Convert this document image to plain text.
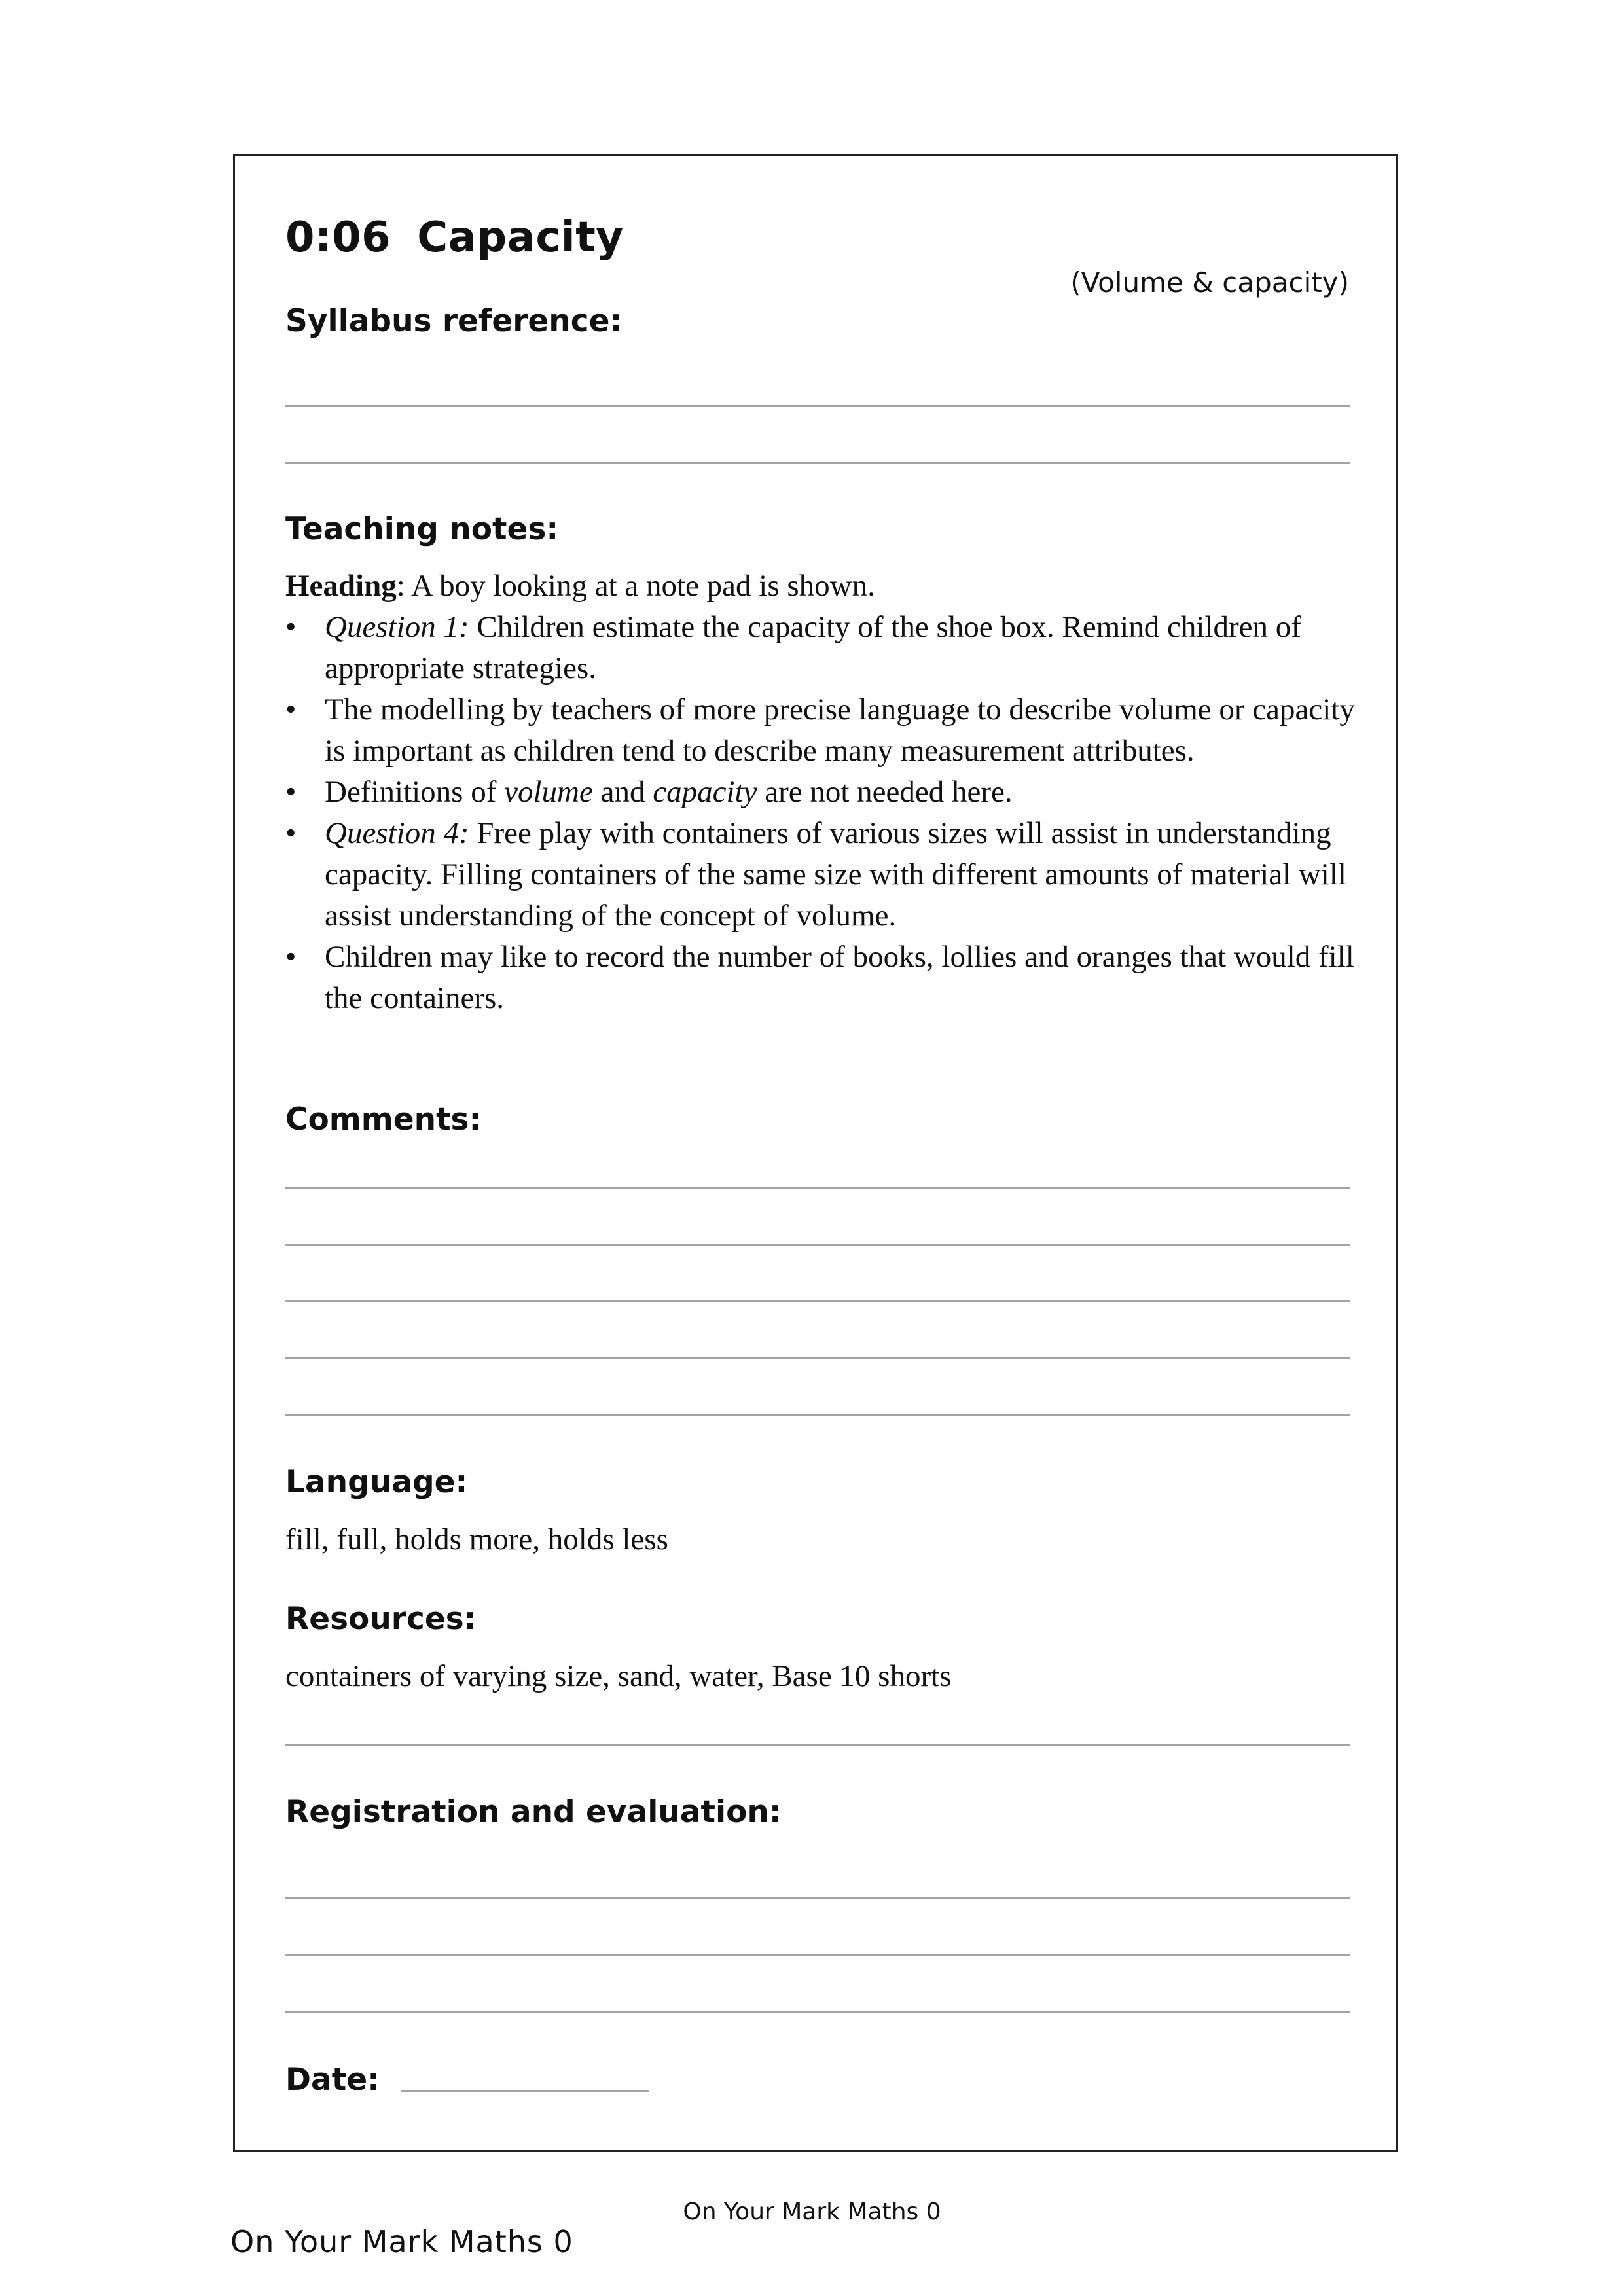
0:06 Capacity
(Volume & capacity)
Syllabus reference:
Teaching notes:

Heading: A boy looking at a note pad is shown.

• Question 1: Children estimate the capacity of the shoe box. Remind children of appropriate strategies.
• The modelling by teachers of more precise language to describe volume or capacity is important as children tend to describe many measurement attributes.
• Definitions of volume and capacity are not needed here.
• Question 4: Free play with containers of various sizes will assist in understanding capacity. Filling containers of the same size with different amounts of material will assist understanding of the concept of volume.
• Children may like to record the number of books, lollies and oranges that would fill the containers.
Comments:
Language:
fill, full, holds more, holds less
Resources:
containers of varying size, sand, water, Base 10 shorts
Registration and evaluation:
Date:
On Your Mark Maths 0
On Your Mark Maths 0
